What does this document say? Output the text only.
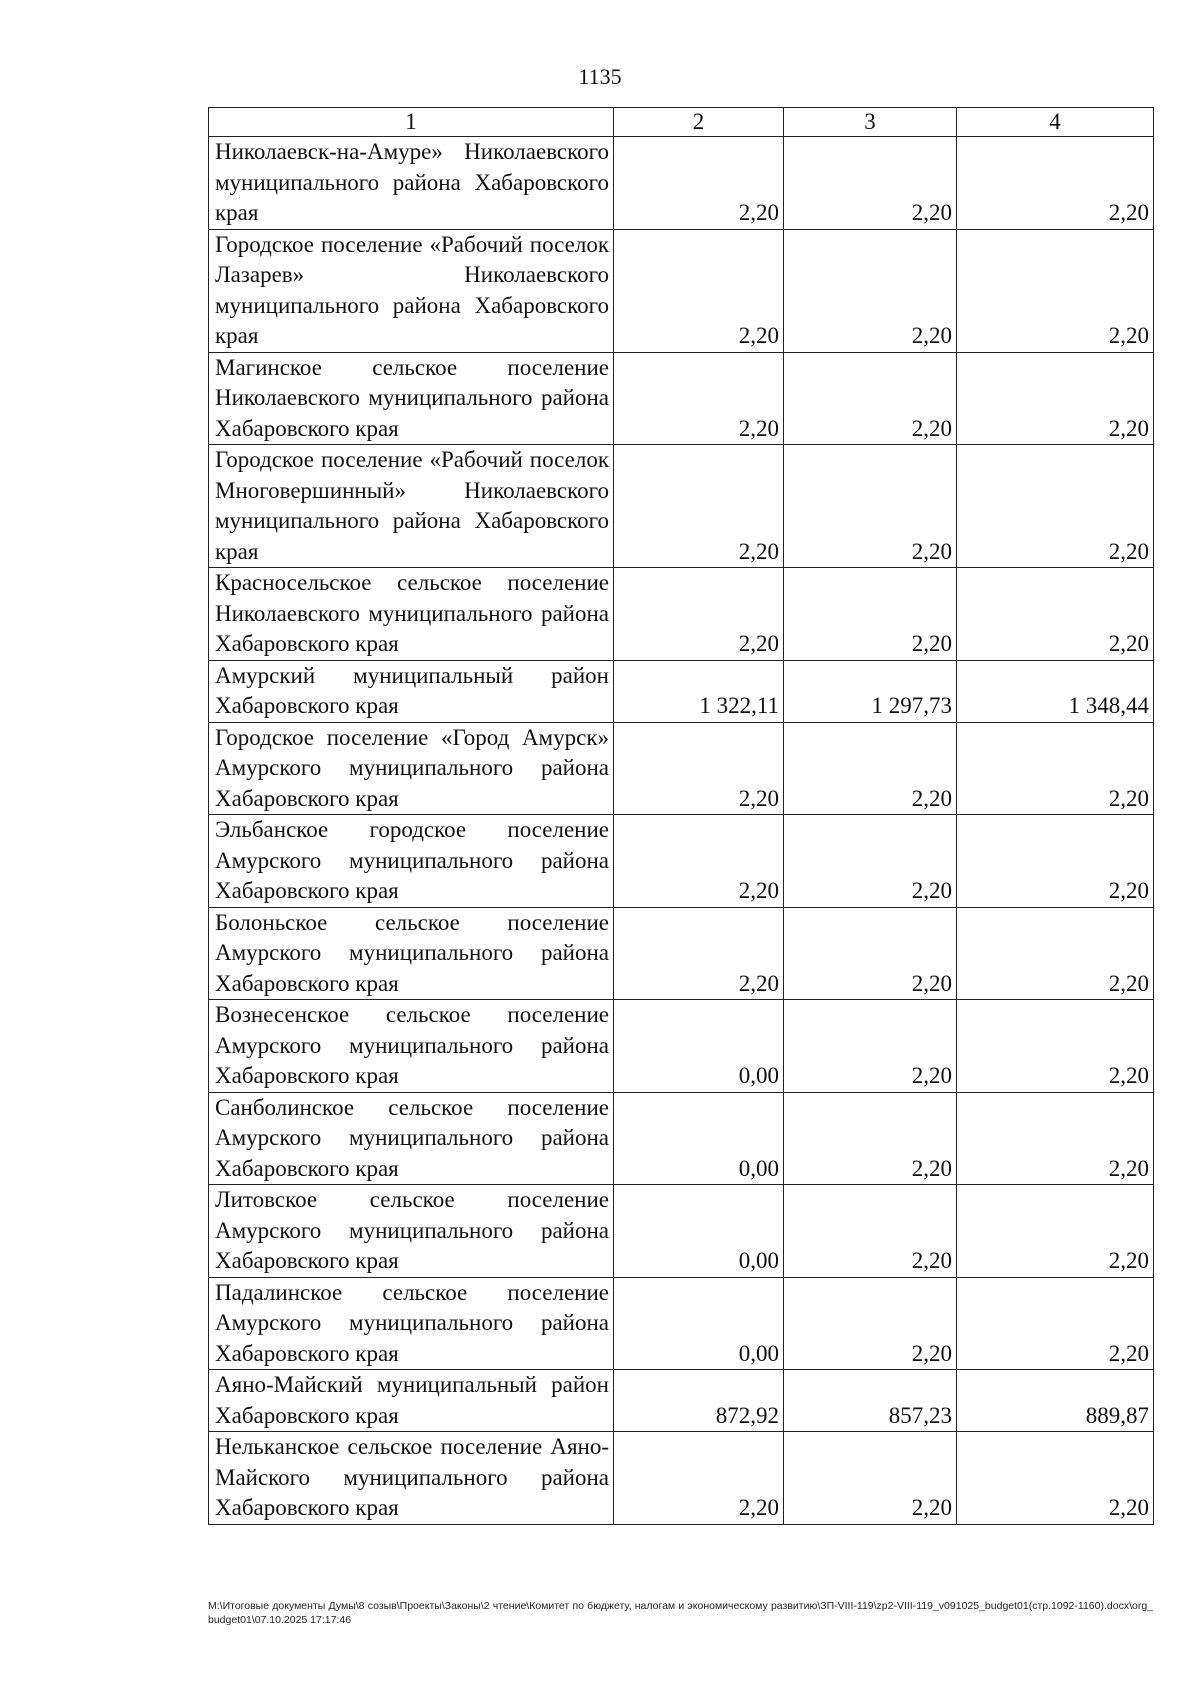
1135
1	2	3	4
Николаевск-на-Амуре» Николаевского муниципального района Хабаровского края	2,20	2,20	2,20
Городское поселение «Рабочий поселок Лазарев» Николаевского муниципального района Хабаровского края	2,20	2,20	2,20
Магинское сельское поселение Николаевского муниципального района Хабаровского края	2,20	2,20	2,20
Городское поселение «Рабочий поселок Многовершинный» Николаевского муниципального района Хабаровского края	2,20	2,20	2,20
Красносельское сельское поселение Николаевского муниципального района Хабаровского края	2,20	2,20	2,20
Амурский муниципальный район Хабаровского края	1 322,11	1 297,73	1 348,44
Городское поселение «Город Амурск» Амурского муниципального района Хабаровского края	2,20	2,20	2,20
Эльбанское городское поселение Амурского муниципального района Хабаровского края	2,20	2,20	2,20
Болоньское сельское поселение Амурского муниципального района Хабаровского края	2,20	2,20	2,20
Вознесенское сельское поселение Амурского муниципального района Хабаровского края	0,00	2,20	2,20
Санболинское сельское поселение Амурского муниципального района Хабаровского края	0,00	2,20	2,20
Литовское сельское поселение Амурского муниципального района Хабаровского края	0,00	2,20	2,20
Падалинское сельское поселение Амурского муниципального района Хабаровского края	0,00	2,20	2,20
Аяно-Майский муниципальный район Хабаровского края	872,92	857,23	889,87
Нельканское сельское поселение Аяно-Майского муниципального района Хабаровского края	2,20	2,20	2,20
M:\Итоговые документы Думы\8 созыв\Проекты\Законы\2 чтение\Комитет по бюджету, налогам и экономическому развитию\ЗП-VIII-119\zp2-VIII-119_v091025_budget01(стр.1092-1160).docx\org_budget01\07.10.2025 17:17:46
